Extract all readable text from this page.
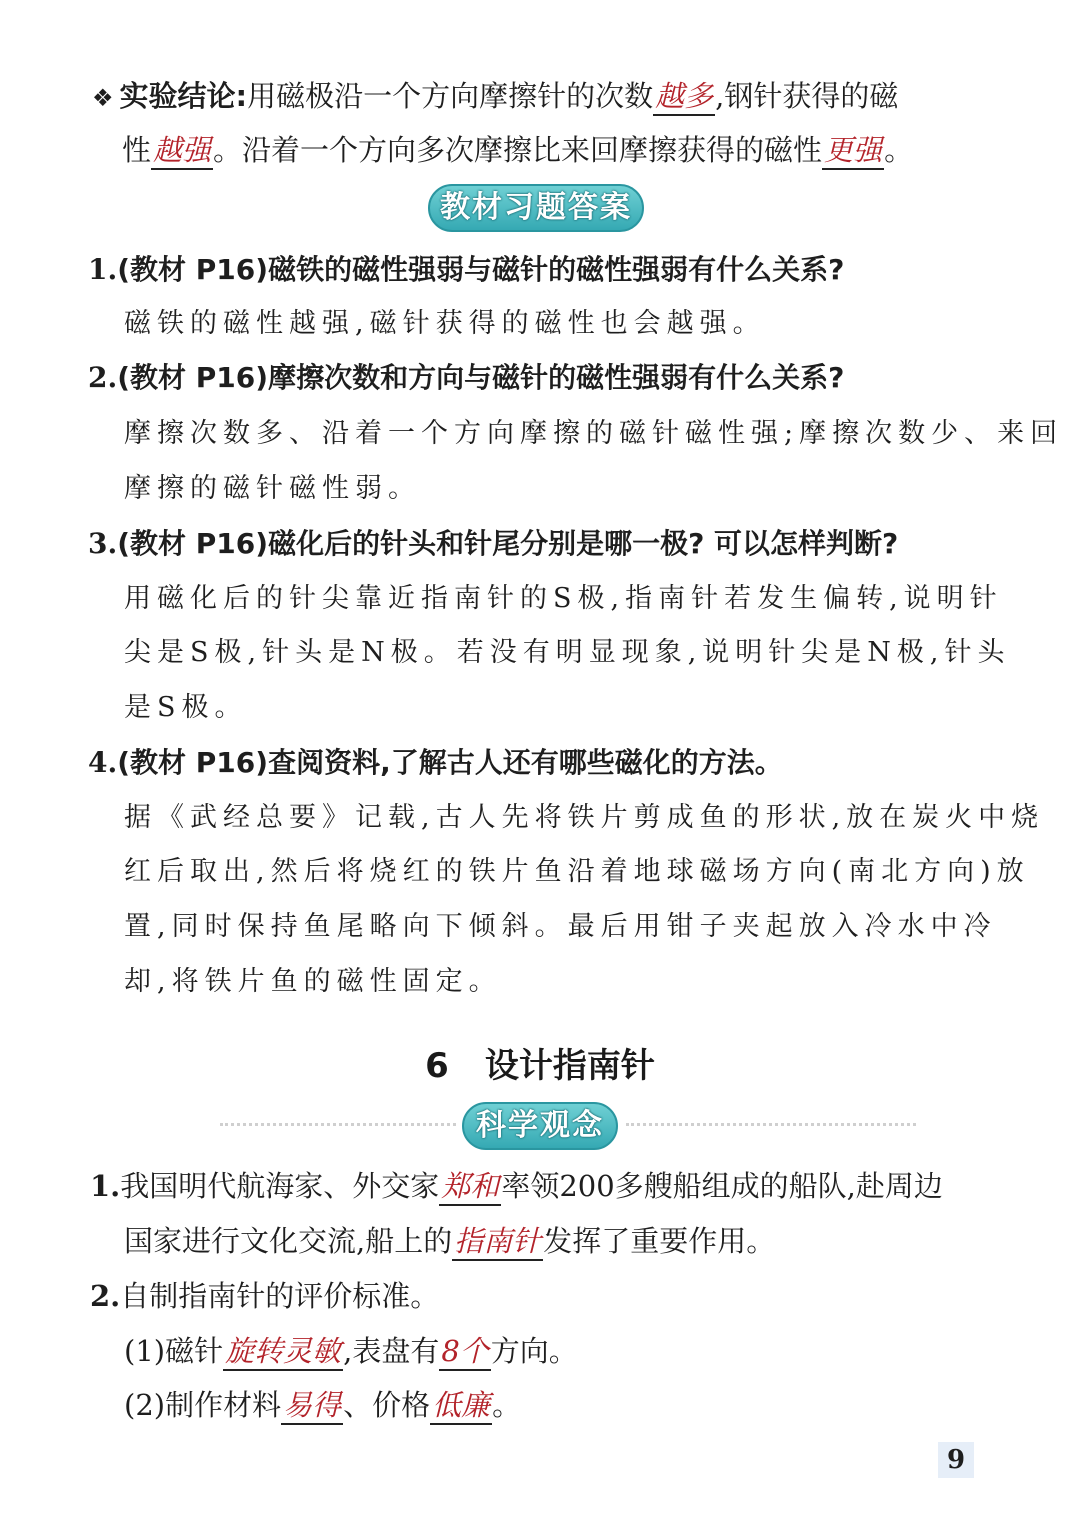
❖ 实验结论:用磁极沿一个方向摩擦针的次数越多,钢针获得的磁
性越强。沿着一个方向多次摩擦比来回摩擦获得的磁性更强。
教材习题答案
1.(教材 P16)磁铁的磁性强弱与磁针的磁性强弱有什么关系?
磁铁的磁性越强,磁针获得的磁性也会越强。
2.(教材 P16)摩擦次数和方向与磁针的磁性强弱有什么关系?
摩擦次数多、沿着一个方向摩擦的磁针磁性强;摩擦次数少、来回
摩擦的磁针磁性弱。
3.(教材 P16)磁化后的针头和针尾分别是哪一极? 可以怎样判断?
用磁化后的针尖靠近指南针的S极,指南针若发生偏转,说明针
尖是S极,针头是N极。若没有明显现象,说明针尖是N极,针头
是S极。
4.(教材 P16)查阅资料,了解古人还有哪些磁化的方法。
据《武经总要》记载,古人先将铁片剪成鱼的形状,放在炭火中烧
红后取出,然后将烧红的铁片鱼沿着地球磁场方向(南北方向)放
置,同时保持鱼尾略向下倾斜。最后用钳子夹起放入冷水中冷
却,将铁片鱼的磁性固定。
6 设计指南针
科学观念
1.我国明代航海家、外交家郑和率领200多艘船组成的船队,赴周边
国家进行文化交流,船上的指南针发挥了重要作用。
2.自制指南针的评价标准。
(1)磁针旋转灵敏,表盘有8个方向。
(2)制作材料易得、价格低廉。
9
